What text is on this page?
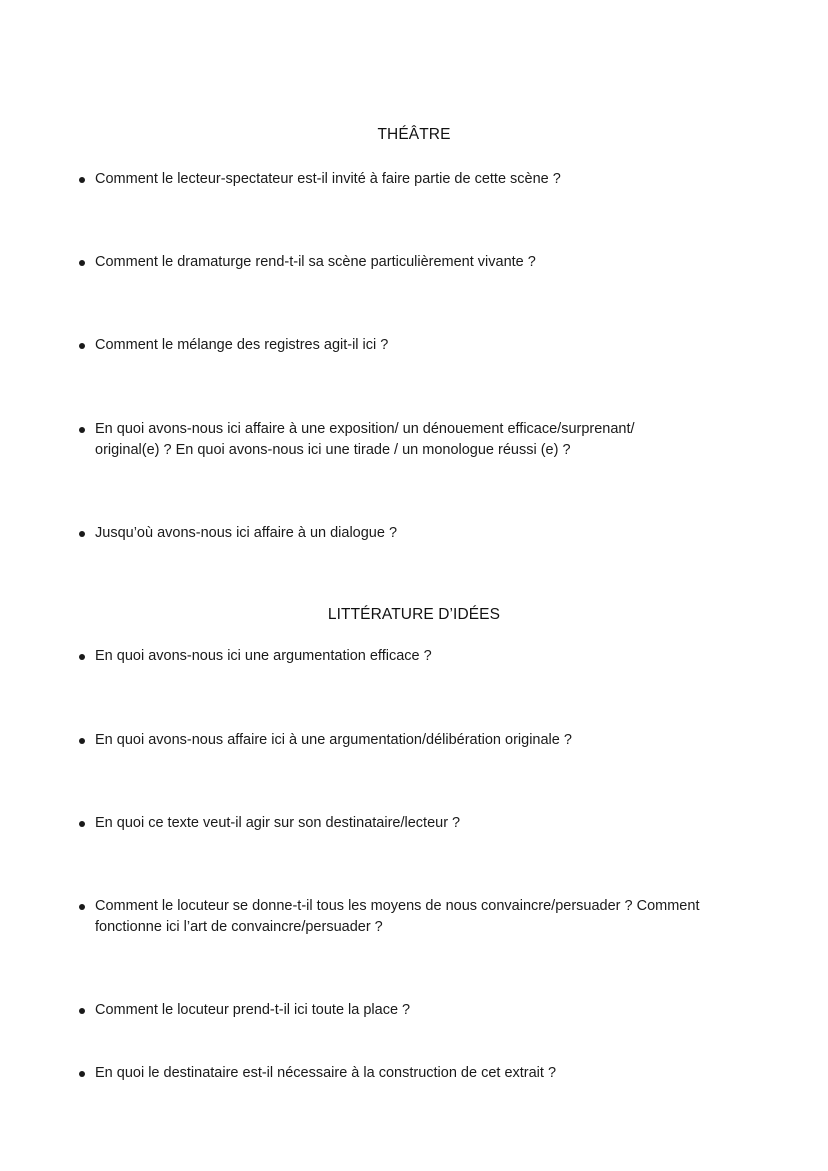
THÉÂTRE
Comment le lecteur-spectateur est-il invité à faire partie de cette scène ?
Comment le dramaturge rend-t-il sa scène particulièrement vivante ?
Comment le mélange des registres agit-il ici ?
En quoi avons-nous ici affaire à une exposition/ un dénouement efficace/surprenant/
original(e) ? En quoi avons-nous ici une tirade / un monologue réussi (e) ?
Jusqu’où avons-nous ici affaire à un dialogue ?
LITTÉRATURE D’IDÉES
En quoi avons-nous ici une argumentation efficace ?
En quoi avons-nous affaire ici à une argumentation/délibération originale ?
En quoi ce texte veut-il agir sur son destinataire/lecteur ?
Comment le locuteur se donne-t-il tous les moyens de nous convaincre/persuader ? Comment
fonctionne ici l’art de convaincre/persuader ?
Comment le locuteur prend-t-il ici toute la place ?
En quoi le destinataire est-il nécessaire à la construction de cet extrait ?
